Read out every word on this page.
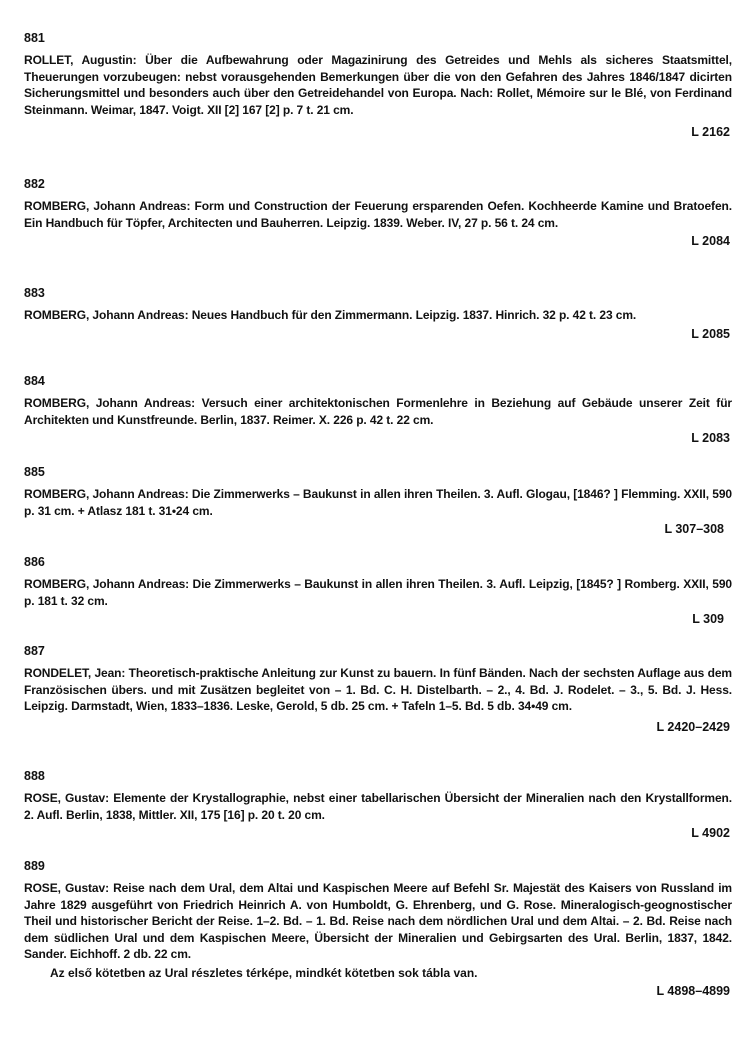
881
ROLLET, Augustin: Über die Aufbewahrung oder Magazinirung des Getreides und Mehls als sicheres Staatsmittel, Theuerungen vorzubeugen: nebst vorausgehenden Bemerkungen über die von den Gefahren des Jahres 1846/1847 dicirten Sicherungsmittel und besonders auch über den Getreidehandel von Europa. Nach: Rollet, Mémoire sur le Blé, von Ferdinand Steinmann. Weimar, 1847. Voigt. XII [2] 167 [2] p. 7 t. 21 cm.
L 2162
882
ROMBERG, Johann Andreas: Form und Construction der Feuerung ersparenden Oefen. Kochheerde Kamine und Bratoefen. Ein Handbuch für Töpfer, Architecten und Bauherren. Leipzig. 1839. Weber. IV, 27 p. 56 t. 24 cm.
L 2084
883
ROMBERG, Johann Andreas: Neues Handbuch für den Zimmermann. Leipzig. 1837. Hinrich. 32 p. 42 t. 23 cm.
L 2085
884
ROMBERG, Johann Andreas: Versuch einer architektonischen Formenlehre in Beziehung auf Gebäude unserer Zeit für Architekten und Kunstfreunde. Berlin, 1837. Reimer. X. 226 p. 42 t. 22 cm.
L 2083
885
ROMBERG, Johann Andreas: Die Zimmerwerks – Baukunst in allen ihren Theilen. 3. Aufl. Glogau, [1846? ] Flemming. XXII, 590 p. 31 cm. + Atlasz 181 t. 31•24 cm.
L 307–308
886
ROMBERG, Johann Andreas: Die Zimmerwerks – Baukunst in allen ihren Theilen. 3. Aufl. Leipzig, [1845? ] Romberg. XXII, 590 p. 181 t. 32 cm.
L 309
887
RONDELET, Jean: Theoretisch-praktische Anleitung zur Kunst zu bauern. In fünf Bänden. Nach der sechsten Auflage aus dem Französischen übers. und mit Zusätzen begleitet von – 1. Bd. C. H. Distelbarth. – 2., 4. Bd. J. Rodelet. – 3., 5. Bd. J. Hess. Leipzig. Darmstadt, Wien, 1833–1836. Leske, Gerold, 5 db. 25 cm. + Tafeln 1–5. Bd. 5 db. 34•49 cm.
L 2420–2429
888
ROSE, Gustav: Elemente der Krystallographie, nebst einer tabellarischen Übersicht der Mineralien nach den Krystallformen. 2. Aufl. Berlin, 1838, Mittler. XII, 175 [16] p. 20 t. 20 cm.
L 4902
889
ROSE, Gustav: Reise nach dem Ural, dem Altai und Kaspischen Meere auf Befehl Sr. Majestät des Kaisers von Russland im Jahre 1829 ausgeführt von Friedrich Heinrich A. von Humboldt, G. Ehrenberg, und G. Rose. Mineralogisch-geognostischer Theil und historischer Bericht der Reise. 1–2. Bd. – 1. Bd. Reise nach dem nördlichen Ural und dem Altai. – 2. Bd. Reise nach dem südlichen Ural und dem Kaspischen Meere, Übersicht der Mineralien und Gebirgsarten des Ural. Berlin, 1837, 1842. Sander. Eichhoff. 2 db. 22 cm.
Az első kötetben az Ural részletes térképe, mindkét kötetben sok tábla van.
L 4898–4899
